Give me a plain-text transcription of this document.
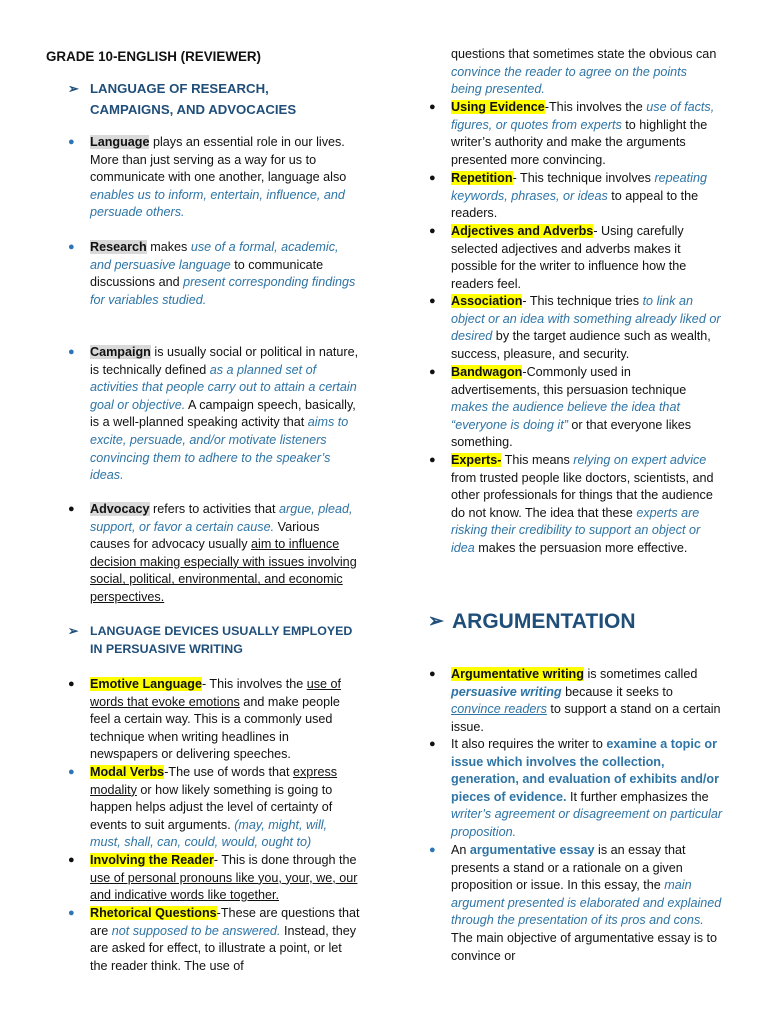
GRADE 10-ENGLISH (REVIEWER)
➢ LANGUAGE OF RESEARCH, CAMPAIGNS, AND ADVOCACIES
● Language plays an essential role in our lives. More than just serving as a way for us to communicate with one another, language also enables us to inform, entertain, influence, and persuade others.
● Research makes use of a formal, academic, and persuasive language to communicate discussions and present corresponding findings for variables studied.
● Campaign is usually social or political in nature, is technically defined as a planned set of activities that people carry out to attain a certain goal or objective. A campaign speech, basically, is a well-planned speaking activity that aims to excite, persuade, and/or motivate listeners convincing them to adhere to the speaker’s ideas.
● Advocacy refers to activities that argue, plead, support, or favor a certain cause. Various causes for advocacy usually aim to influence decision making especially with issues involving social, political, environmental, and economic perspectives.
➢ LANGUAGE DEVICES USUALLY EMPLOYED IN PERSUASIVE WRITING
● Emotive Language- This involves the use of words that evoke emotions and make people feel a certain way. This is a commonly used technique when writing headlines in newspapers or delivering speeches.
● Modal Verbs-The use of words that express modality or how likely something is going to happen helps adjust the level of certainty of events to suit arguments. (may, might, will, must, shall, can, could, would, ought to)
● Involving the Reader- This is done through the use of personal pronouns like you, your, we, our and indicative words like together.
● Rhetorical Questions-These are questions that are not supposed to be answered. Instead, they are asked for effect, to illustrate a point, or let the reader think. The use of
questions that sometimes state the obvious can convince the reader to agree on the points being presented.
● Using Evidence-This involves the use of facts, figures, or quotes from experts to highlight the writer’s authority and make the arguments presented more convincing.
● Repetition- This technique involves repeating keywords, phrases, or ideas to appeal to the readers.
● Adjectives and Adverbs- Using carefully selected adjectives and adverbs makes it possible for the writer to influence how the readers feel.
● Association- This technique tries to link an object or an idea with something already liked or desired by the target audience such as wealth, success, pleasure, and security.
● Bandwagon-Commonly used in advertisements, this persuasion technique makes the audience believe the idea that “everyone is doing it” or that everyone likes something.
● Experts- This means relying on expert advice from trusted people like doctors, scientists, and other professionals for things that the audience do not know. The idea that these experts are risking their credibility to support an object or idea makes the persuasion more effective.
➢ ARGUMENTATION
● Argumentative writing is sometimes called persuasive writing because it seeks to convince readers to support a stand on a certain issue.
● It also requires the writer to examine a topic or issue which involves the collection, generation, and evaluation of exhibits and/or pieces of evidence. It further emphasizes the writer’s agreement or disagreement on particular proposition.
● An argumentative essay is an essay that presents a stand or a rationale on a given proposition or issue. In this essay, the main argument presented is elaborated and explained through the presentation of its pros and cons. The main objective of argumentative essay is to convince or
